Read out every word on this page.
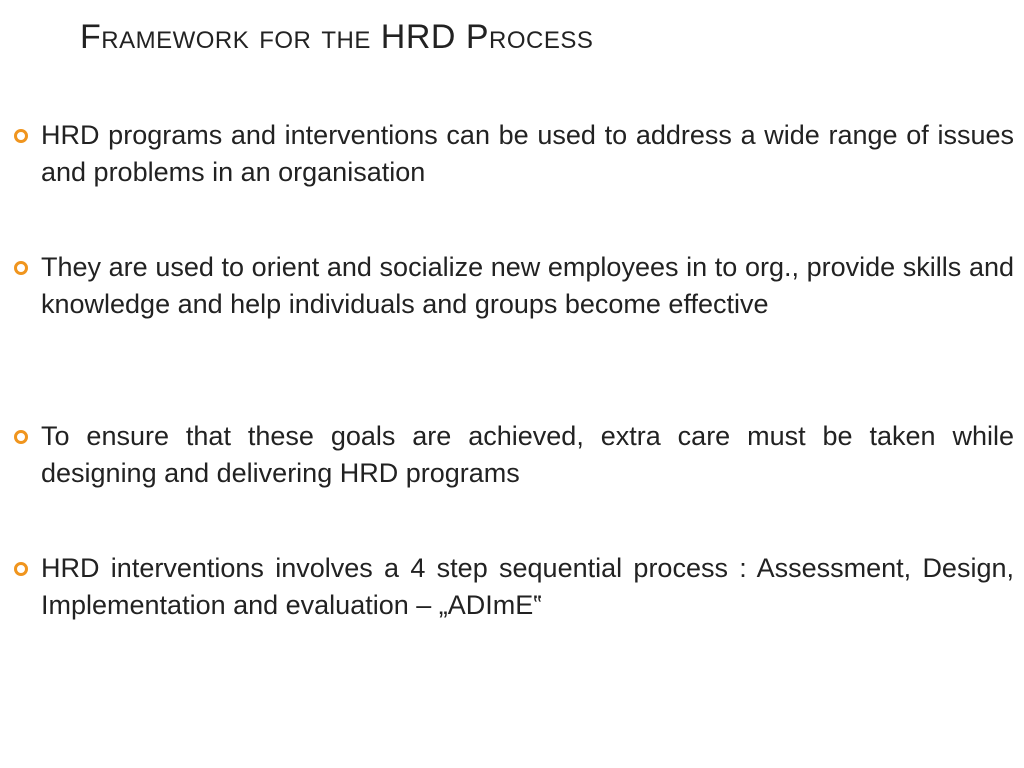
Framework for the HRD Process
HRD programs and interventions can be used to address a wide range of issues and problems in an organisation
They are used to orient and socialize new employees in to org., provide skills and knowledge and help individuals and groups become effective
To ensure that these goals are achieved, extra care must be taken while designing and delivering HRD programs
HRD interventions involves a 4 step sequential process : Assessment, Design, Implementation and evaluation – „ADImE‟
